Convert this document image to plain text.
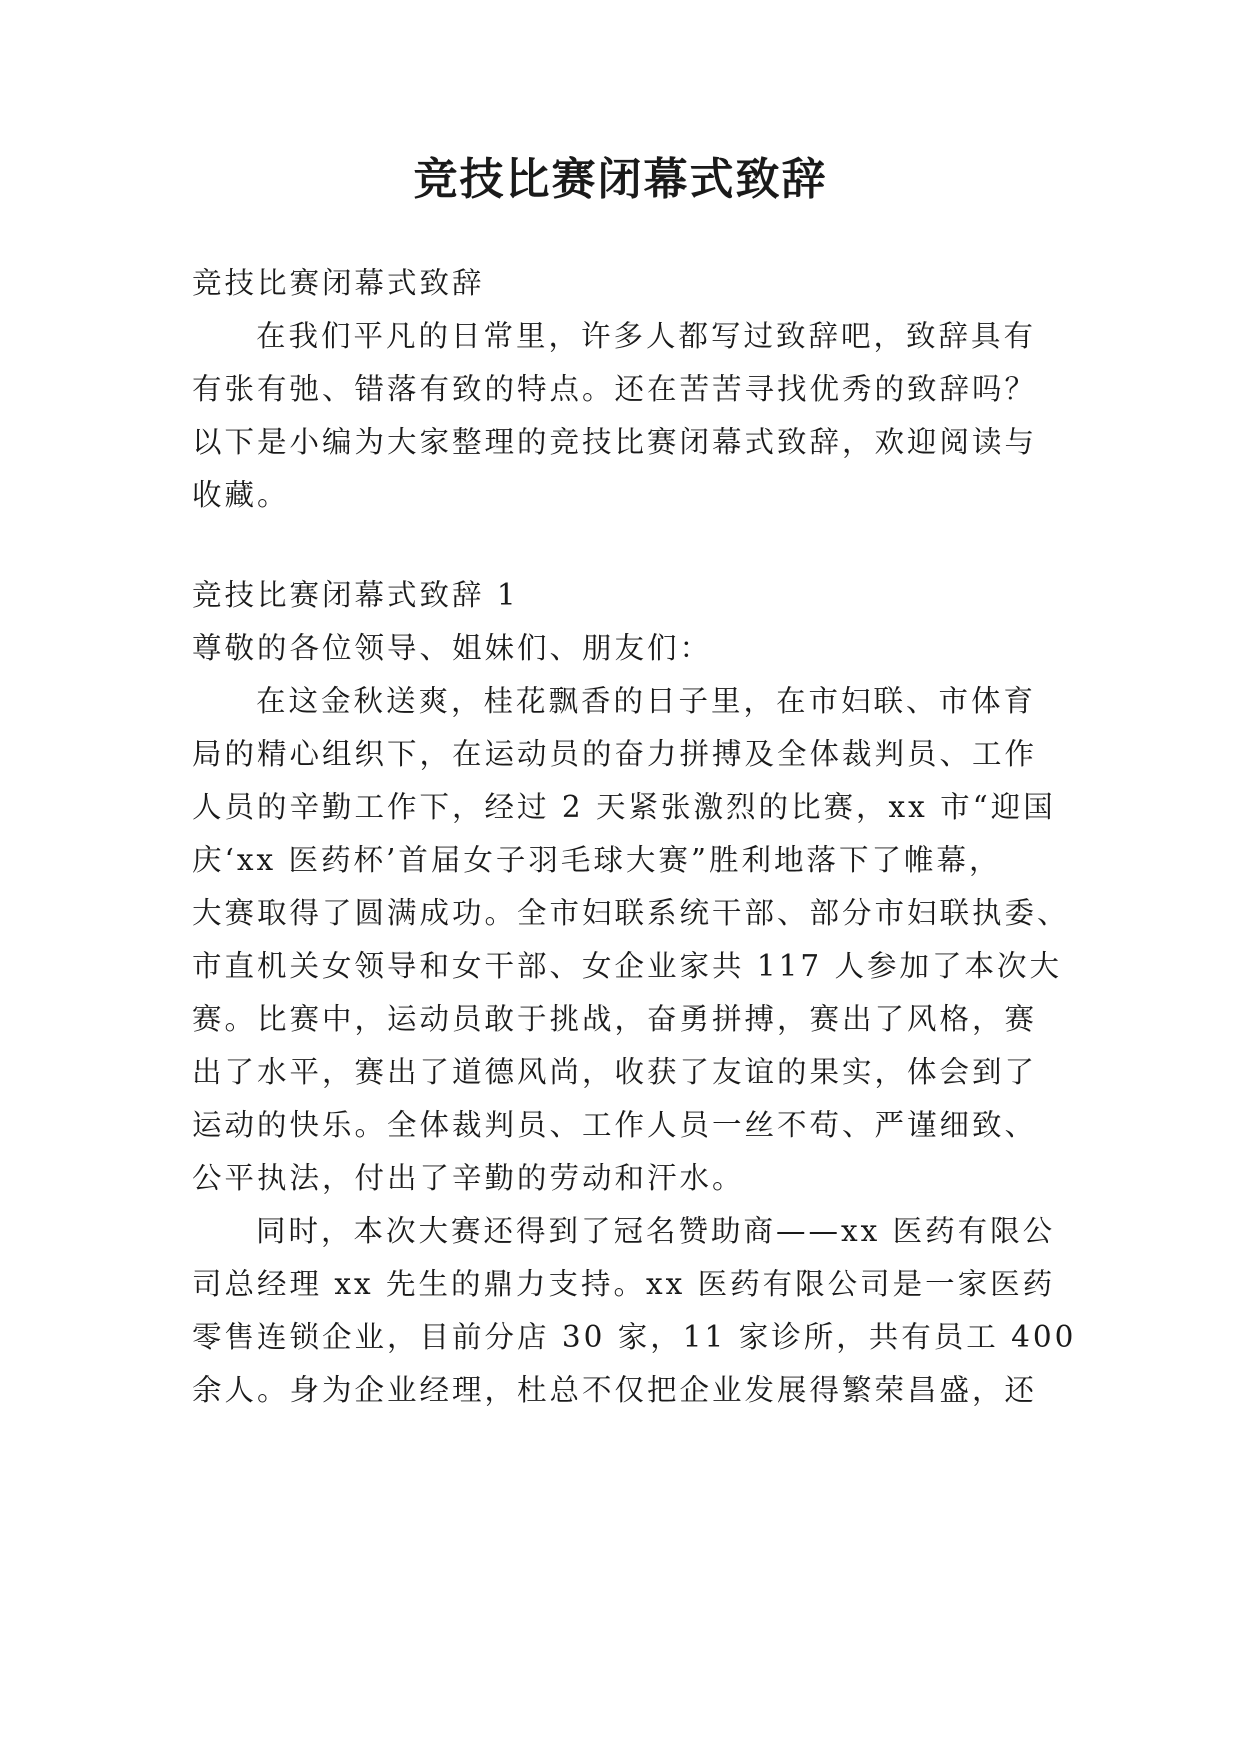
竞技比赛闭幕式致辞

竞技比赛闭幕式致辞

在我们平凡的日常里，许多人都写过致辞吧，致辞具有

有张有弛、错落有致的特点。还在苦苦寻找优秀的致辞吗？

以下是小编为大家整理的竞技比赛闭幕式致辞，欢迎阅读与

收藏。

竞技比赛闭幕式致辞 1

尊敬的各位领导、姐妹们、朋友们：

在这金秋送爽，桂花飘香的日子里，在市妇联、市体育

局的精心组织下，在运动员的奋力拼搏及全体裁判员、工作

人员的辛勤工作下，经过 2 天紧张激烈的比赛，xx 市“迎国

庆‘xx 医药杯’首届女子羽毛球大赛”胜利地落下了帷幕，

大赛取得了圆满成功。全市妇联系统干部、部分市妇联执委、

市直机关女领导和女干部、女企业家共 117 人参加了本次大

赛。比赛中，运动员敢于挑战，奋勇拼搏，赛出了风格，赛

出了水平，赛出了道德风尚，收获了友谊的果实，体会到了

运动的快乐。全体裁判员、工作人员一丝不苟、严谨细致、

公平执法，付出了辛勤的劳动和汗水。

同时，本次大赛还得到了冠名赞助商——xx 医药有限公

司总经理 xx 先生的鼎力支持。xx 医药有限公司是一家医药

零售连锁企业，目前分店 30 家，11 家诊所，共有员工 400

余人。身为企业经理，杜总不仅把企业发展得繁荣昌盛，还
